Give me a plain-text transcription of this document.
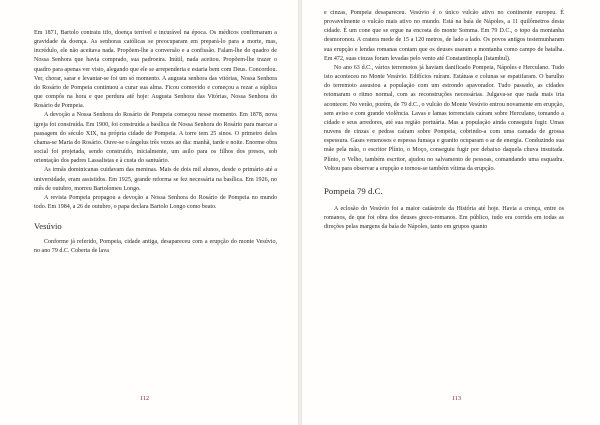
Em 1871, Bartolo contraiu tifo, doença terrível e incurável na época. Os médicos confirmaram a gravidade da doença. As senhoras católicas se preocuparam em prepará-lo para a morte, mas, incrédulo, ele não aceitava nada. Propõem-lhe a conversão e a confissão. Falam-lhe do quadro de Nossa Senhora que havia comprado, sua padroeira. Inútil, nada aceitou. Propõem-lhe trazer o quadro para apenas ver visto, alegando que ele se arrependeria e estaria bem com Deus. Concordou. Ver, chorar, sarar e levantar-se foi um só momento. A augusta senhora das vitórias, Nossa Senhora do Rosário de Pompeia continuou a curar sua alma. Ficou comovido e começou a rezar a súplica que compôs na hora e que perdura até hoje: Augusta Senhora das Vitórias, Nossa Senhora do Rosário de Pompeia.

A devoção a Nossa Senhora do Rosário de Pompeia começou nesse momento. Em 1878, nova igreja foi construída. Em 1900, foi construída a basílica de Nossa Senhora do Rosário para marcar a passagem do século XIX, na própria cidade de Pompeia. A torre tem 25 sinos. O primeiro deles chama-se Maria do Rosário. Ouve-se o ângelus três vezes ao dia: manhã, tarde e noite. Enorme obra social foi projetada, sendo construído, inicialmente, um asilo para os filhos dos presos, sob orientação dos padres Lassalistas e à custa do santuário.

As irmãs dominicanas cuidavam das meninas. Mais de dois mil alunos, desde o primário até a universidade, eram assistidos. Em 1925, grande reforma se fez necessária na basílica. Em 1926, no mês de outubro, morreu Bartolomeu Longo.

A revista Pompeia propagou a devoção a Nossa Senhora do Rosário de Pompeia no mundo todo. Em 1984, a 26 de outubro, o papa declara Bartolo Longo como beato.

Vesúvio

Conforme já referido, Pompeia, cidade antiga, desapareceu com a erupção do monte Vesúvio, no ano 79 d.C. Coberta de lava

112

e cinzas, Pompeia desapareceu. Vesúvio é o único vulcão ativo no continente europeu. É provavelmente o vulcão mais ativo no mundo. Está na baía de Nápoles, a 11 quilômetros desta cidade. É um cone que se ergue na encosta do monte Somma. Em 79 D.C., o topo da montanha desmoronou. A cratera mede de 15 a 120 metros, de lado a lado. Os povos antigos testemunharam sua erupção e lendas romanas contam que os deuses usaram a montanha como campo de batalha. Em 472, suas cinzas foram levadas pelo vento até Constantinopla (Istambul).

No ano 63 d.C., vários terremotos já haviam danificado Pompeia, Nápoles e Herculano. Tudo isto aconteceu no Monte Vesúvio. Edifícios ruíram. Estátuas e colunas se espatifaram. O barulho do terremoto assustou a população com um estrondo apavorador. Tudo passado, as cidades retomaram o ritmo normal, com as reconstruções necessárias. Julgava-se que nada mais iria acontecer. No verão, porém, de 79 d.C., o vulcão do Monte Vesúvio entrou novamente em erupção, sem aviso e com grande violência. Lavas e lamas torrenciais caíram sobre Herculano, tomando a cidade e seus arredores, até sua região portuária. Mas a população ainda conseguiu fugir. Umas nuvens de cinzas e pedras caíram sobre Pompeia, cobrindo-a com uma camada de grossa espessura. Gases venenosos e espessa fumaça e granito ocuparam o ar de energia. Conduzindo sua mãe pela mão, o escritor Plínio, o Moço, conseguiu fugir por debaixo daquela chuva insuitada. Plínio, o Velho, também escritor, ajudou no salvamento de pessoas, comandando uma esquadra. Voltou para observar a erupção e tornou-se também vítima da erupção.

Pompeia 79 d.C.

A eclosão do Vesúvio foi a maior catástrofe da História até hoje. Havia a crença, entre os romanos, de que foi obra dos deuses greco-romanos. Em público, tudo era corrida em todas as direções pelas margens da baía de Nápoles, tanto em grupos quanto

113
